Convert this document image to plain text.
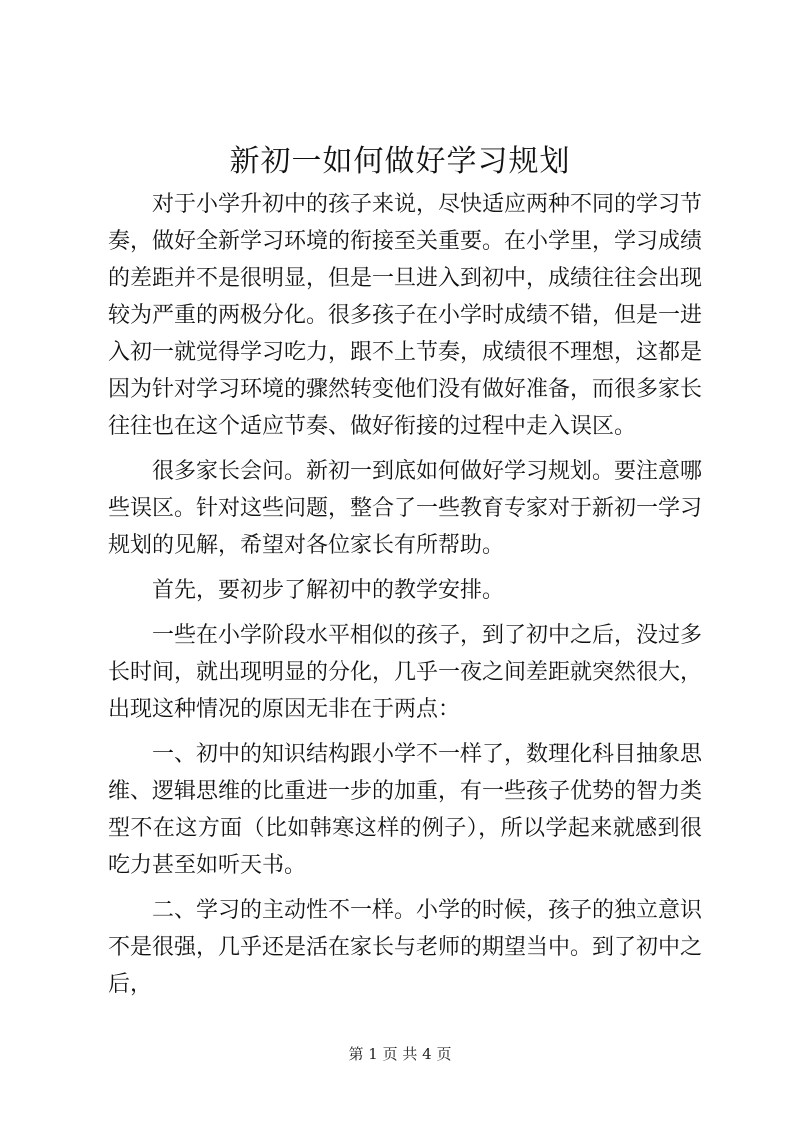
新初一如何做好学习规划

对于小学升初中的孩子来说，尽快适应两种不同的学习节奏，做好全新学习环境的衔接至关重要。在小学里，学习成绩的差距并不是很明显，但是一旦进入到初中，成绩往往会出现较为严重的两极分化。很多孩子在小学时成绩不错，但是一进入初一就觉得学习吃力，跟不上节奏，成绩很不理想，这都是因为针对学习环境的骤然转变他们没有做好准备，而很多家长往往也在这个适应节奏、做好衔接的过程中走入误区。

很多家长会问。新初一到底如何做好学习规划。要注意哪些误区。针对这些问题，整合了一些教育专家对于新初一学习规划的见解，希望对各位家长有所帮助。

首先，要初步了解初中的教学安排。

一些在小学阶段水平相似的孩子，到了初中之后，没过多长时间，就出现明显的分化，几乎一夜之间差距就突然很大，出现这种情况的原因无非在于两点：

一、初中的知识结构跟小学不一样了，数理化科目抽象思维、逻辑思维的比重进一步的加重，有一些孩子优势的智力类型不在这方面（比如韩寒这样的例子），所以学起来就感到很吃力甚至如听天书。

二、学习的主动性不一样。小学的时候，孩子的独立意识不是很强，几乎还是活在家长与老师的期望当中。到了初中之后，

第 1 页 共 4 页
